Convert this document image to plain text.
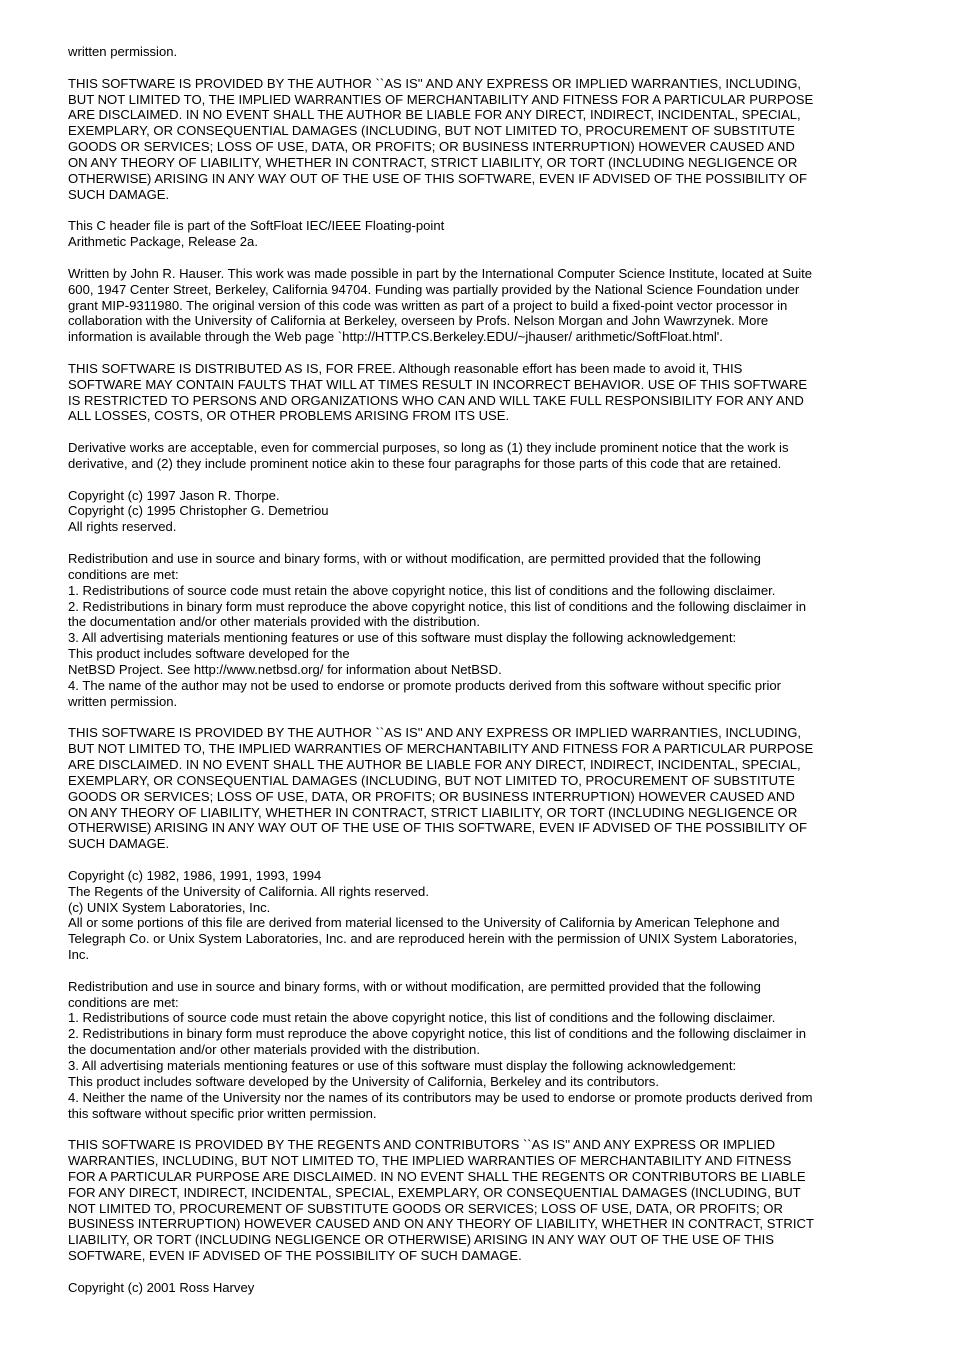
written permission.
THIS SOFTWARE IS PROVIDED BY THE AUTHOR ``AS IS'' AND ANY EXPRESS OR IMPLIED WARRANTIES, INCLUDING,
BUT NOT LIMITED TO, THE IMPLIED WARRANTIES OF MERCHANTABILITY AND FITNESS FOR A PARTICULAR PURPOSE
ARE DISCLAIMED. IN NO EVENT SHALL THE AUTHOR BE LIABLE FOR ANY DIRECT, INDIRECT, INCIDENTAL, SPECIAL,
EXEMPLARY, OR CONSEQUENTIAL DAMAGES (INCLUDING, BUT NOT LIMITED TO, PROCUREMENT OF SUBSTITUTE
GOODS OR SERVICES; LOSS OF USE, DATA, OR PROFITS; OR BUSINESS INTERRUPTION) HOWEVER CAUSED AND
ON ANY THEORY OF LIABILITY, WHETHER IN CONTRACT, STRICT LIABILITY, OR TORT (INCLUDING NEGLIGENCE OR
OTHERWISE) ARISING IN ANY WAY OUT OF THE USE OF THIS SOFTWARE, EVEN IF ADVISED OF THE POSSIBILITY OF
SUCH DAMAGE.
This C header file is part of the SoftFloat IEC/IEEE Floating-point
Arithmetic Package, Release 2a.
Written by John R. Hauser. This work was made possible in part by the International Computer Science Institute, located at Suite
600, 1947 Center Street, Berkeley, California 94704. Funding was partially provided by the National Science Foundation under
grant MIP-9311980. The original version of this code was written as part of a project to build a fixed-point vector processor in
collaboration with the University of California at Berkeley, overseen by Profs. Nelson Morgan and John Wawrzynek. More
information is available through the Web page `http://HTTP.CS.Berkeley.EDU/~jhauser/ arithmetic/SoftFloat.html'.
THIS SOFTWARE IS DISTRIBUTED AS IS, FOR FREE. Although reasonable effort has been made to avoid it, THIS
SOFTWARE MAY CONTAIN FAULTS THAT WILL AT TIMES RESULT IN INCORRECT BEHAVIOR. USE OF THIS SOFTWARE
IS RESTRICTED TO PERSONS AND ORGANIZATIONS WHO CAN AND WILL TAKE FULL RESPONSIBILITY FOR ANY AND
ALL LOSSES, COSTS, OR OTHER PROBLEMS ARISING FROM ITS USE.
Derivative works are acceptable, even for commercial purposes, so long as (1) they include prominent notice that the work is
derivative, and (2) they include prominent notice akin to these four paragraphs for those parts of this code that are retained.
Copyright (c) 1997 Jason R. Thorpe.
Copyright (c) 1995 Christopher G. Demetriou
All rights reserved.
Redistribution and use in source and binary forms, with or without modification, are permitted provided that the following
conditions are met:
1. Redistributions of source code must retain the above copyright notice, this list of conditions and the following disclaimer.
2. Redistributions in binary form must reproduce the above copyright notice, this list of conditions and the following disclaimer in
the documentation and/or other materials provided with the distribution.
3. All advertising materials mentioning features or use of this software must display the following acknowledgement:
This product includes software developed for the
NetBSD Project. See http://www.netbsd.org/ for information about NetBSD.
4. The name of the author may not be used to endorse or promote products derived from this software without specific prior
written permission.
THIS SOFTWARE IS PROVIDED BY THE AUTHOR ``AS IS'' AND ANY EXPRESS OR IMPLIED WARRANTIES, INCLUDING,
BUT NOT LIMITED TO, THE IMPLIED WARRANTIES OF MERCHANTABILITY AND FITNESS FOR A PARTICULAR PURPOSE
ARE DISCLAIMED. IN NO EVENT SHALL THE AUTHOR BE LIABLE FOR ANY DIRECT, INDIRECT, INCIDENTAL, SPECIAL,
EXEMPLARY, OR CONSEQUENTIAL DAMAGES (INCLUDING, BUT NOT LIMITED TO, PROCUREMENT OF SUBSTITUTE
GOODS OR SERVICES; LOSS OF USE, DATA, OR PROFITS; OR BUSINESS INTERRUPTION) HOWEVER CAUSED AND
ON ANY THEORY OF LIABILITY, WHETHER IN CONTRACT, STRICT LIABILITY, OR TORT (INCLUDING NEGLIGENCE OR
OTHERWISE) ARISING IN ANY WAY OUT OF THE USE OF THIS SOFTWARE, EVEN IF ADVISED OF THE POSSIBILITY OF
SUCH DAMAGE.
Copyright (c) 1982, 1986, 1991, 1993, 1994
The Regents of the University of California. All rights reserved.
(c) UNIX System Laboratories, Inc.
All or some portions of this file are derived from material licensed to the University of California by American Telephone and
Telegraph Co. or Unix System Laboratories, Inc. and are reproduced herein with the permission of UNIX System Laboratories,
Inc.
Redistribution and use in source and binary forms, with or without modification, are permitted provided that the following
conditions are met:
1. Redistributions of source code must retain the above copyright notice, this list of conditions and the following disclaimer.
2. Redistributions in binary form must reproduce the above copyright notice, this list of conditions and the following disclaimer in
the documentation and/or other materials provided with the distribution.
3. All advertising materials mentioning features or use of this software must display the following acknowledgement:
This product includes software developed by the University of California, Berkeley and its contributors.
4. Neither the name of the University nor the names of its contributors may be used to endorse or promote products derived from
this software without specific prior written permission.
THIS SOFTWARE IS PROVIDED BY THE REGENTS AND CONTRIBUTORS ``AS IS'' AND ANY EXPRESS OR IMPLIED
WARRANTIES, INCLUDING, BUT NOT LIMITED TO, THE IMPLIED WARRANTIES OF MERCHANTABILITY AND FITNESS
FOR A PARTICULAR PURPOSE ARE DISCLAIMED. IN NO EVENT SHALL THE REGENTS OR CONTRIBUTORS BE LIABLE
FOR ANY DIRECT, INDIRECT, INCIDENTAL, SPECIAL, EXEMPLARY, OR CONSEQUENTIAL DAMAGES (INCLUDING, BUT
NOT LIMITED TO, PROCUREMENT OF SUBSTITUTE GOODS OR SERVICES; LOSS OF USE, DATA, OR PROFITS; OR
BUSINESS INTERRUPTION) HOWEVER CAUSED AND ON ANY THEORY OF LIABILITY, WHETHER IN CONTRACT, STRICT
LIABILITY, OR TORT (INCLUDING NEGLIGENCE OR OTHERWISE) ARISING IN ANY WAY OUT OF THE USE OF THIS
SOFTWARE, EVEN IF ADVISED OF THE POSSIBILITY OF SUCH DAMAGE.
Copyright (c) 2001 Ross Harvey
